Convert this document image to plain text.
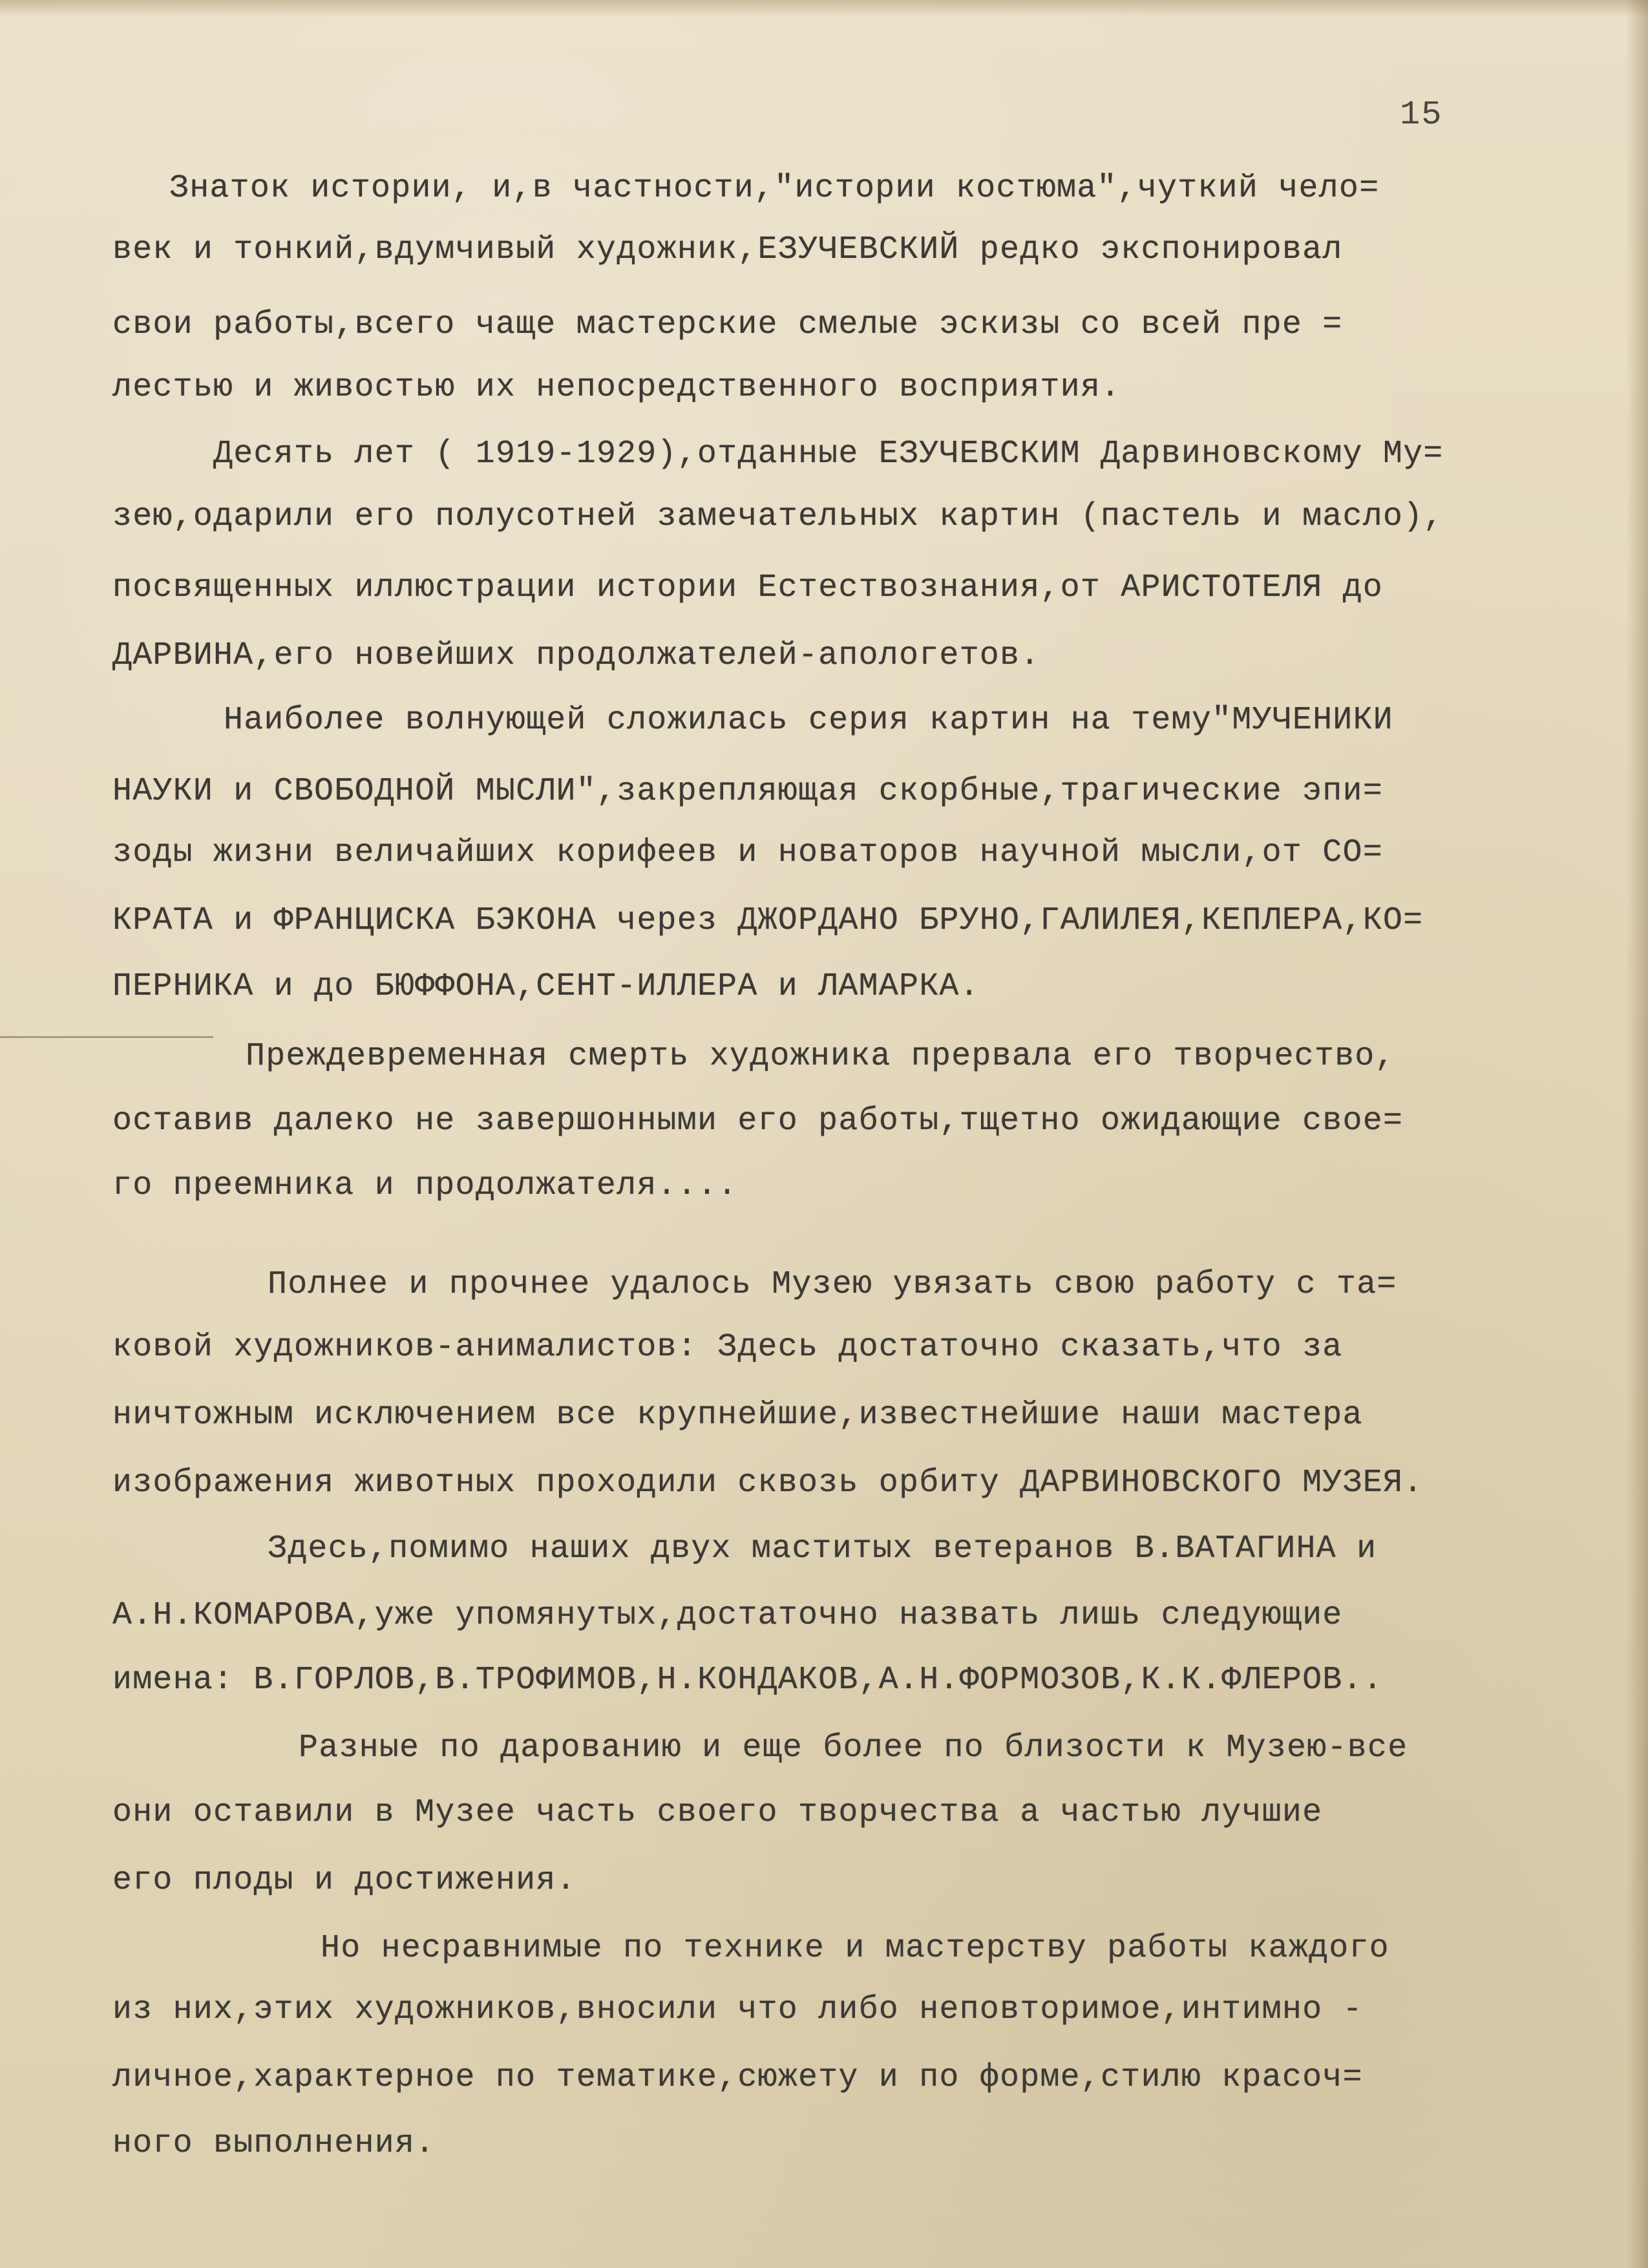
15
Знаток истории, и,в частности,"истории костюма",чуткий чело=
век и тонкий,вдумчивый художник,ЕЗУЧЕВСКИЙ редко экспонировал
свои работы,всего чаще мастерские смелые эскизы со всей пре =
лестью и живостью их непосредственного восприятия.
Десять лет ( 1919-1929),отданные ЕЗУЧЕВСКИМ Дарвиновскому Му=
зею,одарили его полусотней замечательных картин (пастель и масло),
посвященных иллюстрации истории Естествознания,от АРИСТОТЕЛЯ до
ДАРВИНА,его новейших продолжателей-апологетов.
Наиболее волнующей сложилась серия картин на тему"МУЧЕНИКИ
НАУКИ и СВОБОДНОЙ МЫСЛИ",закрепляющая скорбные,трагические эпи=
зоды жизни величайших корифеев и новаторов научной мысли,от СО=
КРАТА и ФРАНЦИСКА БЭКОНА через ДЖОРДАНО БРУНО,ГАЛИЛЕЯ,КЕПЛЕРА,КО=
ПЕРНИКА и до БЮФФОНА,СЕНТ-ИЛЛЕРА и ЛАМАРКА.
Преждевременная смерть художника прервала его творчество,
оставив далеко не завершонными его работы,тщетно ожидающие свое=
го преемника и продолжателя....
Полнее и прочнее удалось Музею увязать свою работу с та=
ковой художников-анималистов: Здесь достаточно сказать,что за
ничтожным исключением все крупнейшие,известнейшие наши мастера
изображения животных проходили сквозь орбиту ДАРВИНОВСКОГО МУЗЕЯ.
Здесь,помимо наших двух маститых ветеранов В.ВАТАГИНА и
А.Н.КОМАРОВА,уже упомянутых,достаточно назвать лишь следующие
имена: В.ГОРЛОВ,В.ТРОФИМОВ,Н.КОНДАКОВ,А.Н.ФОРМОЗОВ,К.К.ФЛЕРОВ..
Разные по дарованию и еще более по близости к Музею-все
они оставили в Музее часть своего творчества а частью лучшие
его плоды и достижения.
Но несравнимые по технике и мастерству работы каждого
из них,этих художников,вносили что либо неповторимое,интимно -
личное,характерное по тематике,сюжету и по форме,стилю красоч=
ного выполнения.
